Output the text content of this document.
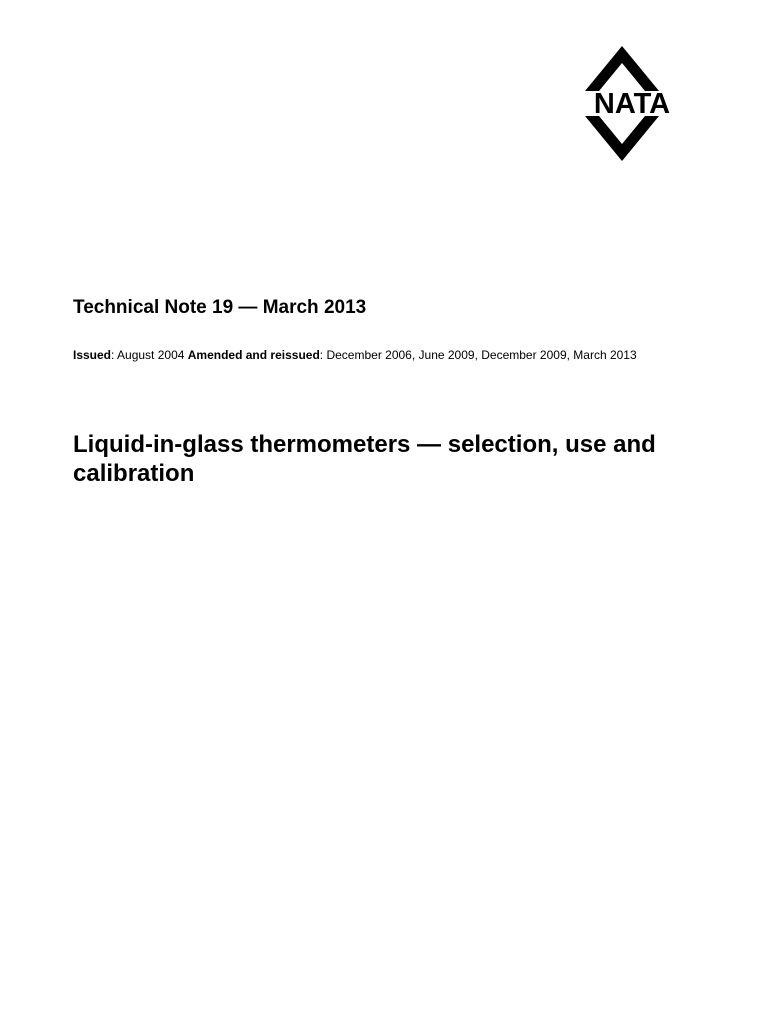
NATA

Technical Note 19 — March 2013

Issued: August 2004 Amended and reissued: December 2006, June 2009, December 2009, March 2013

Liquid-in-glass thermometers — selection, use and calibration
